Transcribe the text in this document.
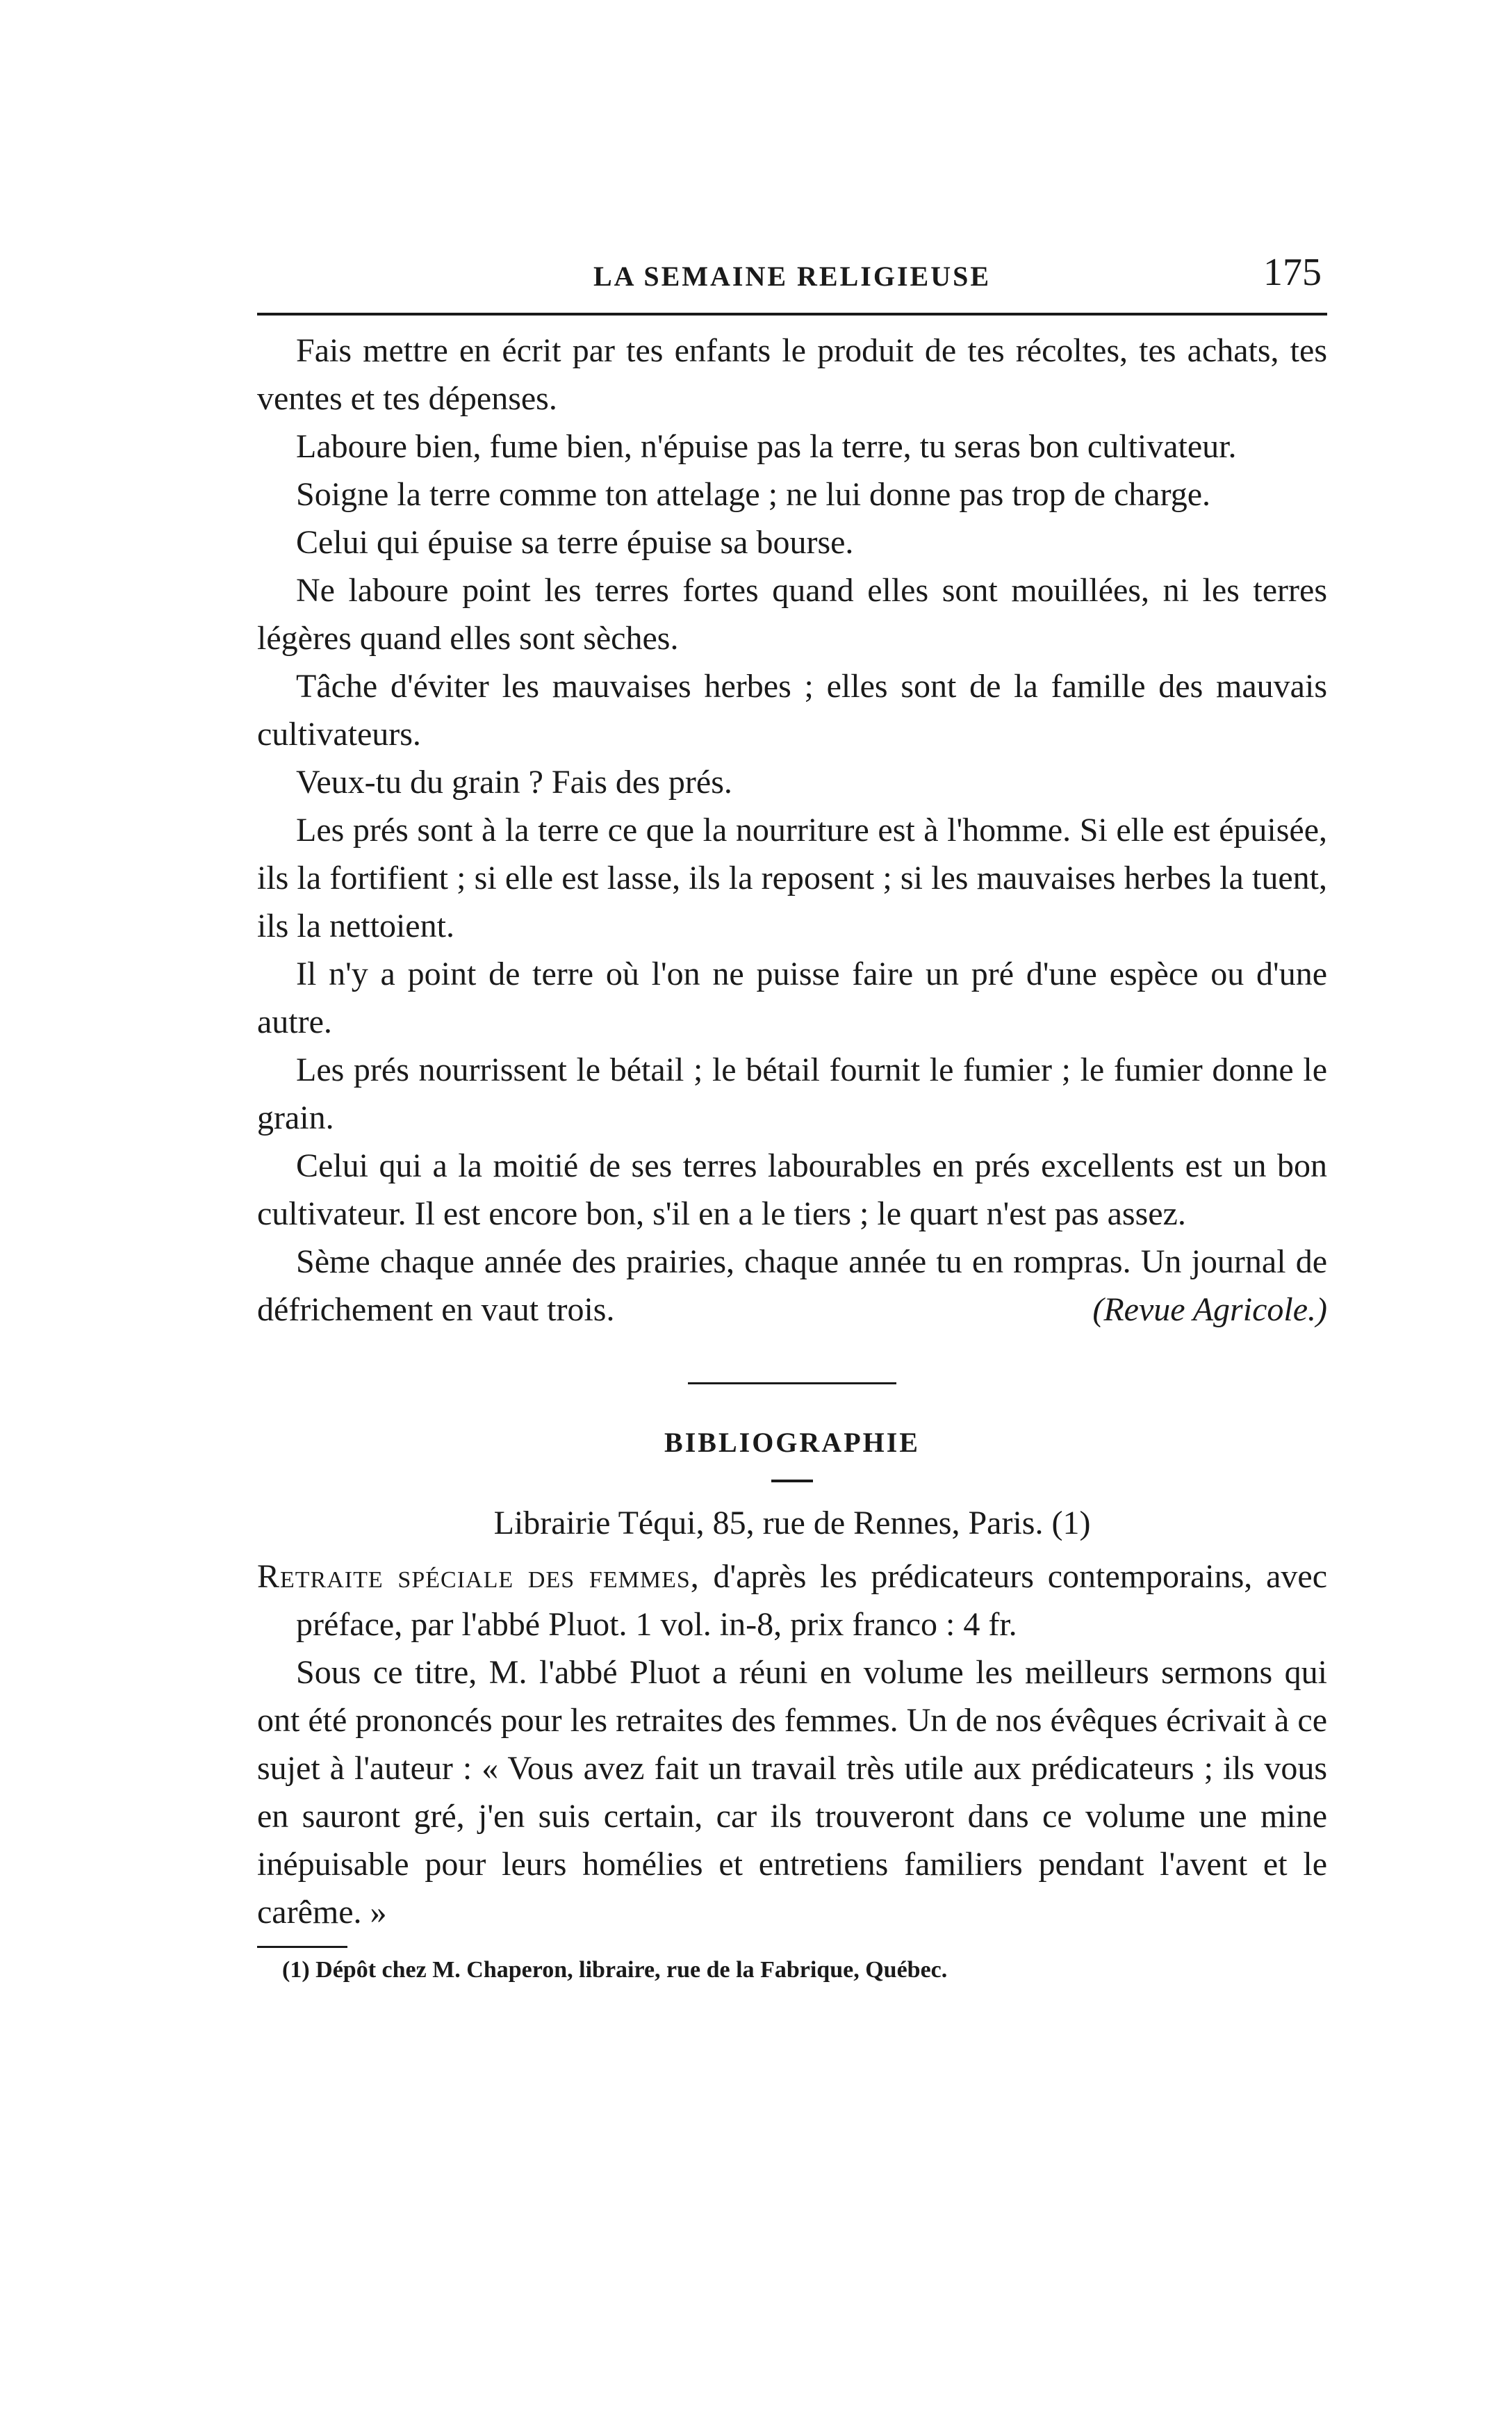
LA SEMAINE RELIGIEUSE	175

Fais mettre en écrit par tes enfants le produit de tes récoltes, tes achats, tes ventes et tes dépenses.

Laboure bien, fume bien, n'épuise pas la terre, tu seras bon cultivateur.

Soigne la terre comme ton attelage ; ne lui donne pas trop de charge.

Celui qui épuise sa terre épuise sa bourse.

Ne laboure point les terres fortes quand elles sont mouillées, ni les terres légères quand elles sont sèches.

Tâche d'éviter les mauvaises herbes ; elles sont de la famille des mauvais cultivateurs.

Veux-tu du grain ? Fais des prés.

Les prés sont à la terre ce que la nourriture est à l'homme. Si elle est épuisée, ils la fortifient ; si elle est lasse, ils la reposent ; si les mauvaises herbes la tuent, ils la nettoient.

Il n'y a point de terre où l'on ne puisse faire un pré d'une espèce ou d'une autre.

Les prés nourrissent le bétail ; le bétail fournit le fumier ; le fumier donne le grain.

Celui qui a la moitié de ses terres labourables en prés excellents est un bon cultivateur. Il est encore bon, s'il en a le tiers ; le quart n'est pas assez.

Sème chaque année des prairies, chaque année tu en rompras. Un journal de défrichement en vaut trois.	(Revue Agricole.)

BIBLIOGRAPHIE
Librairie Téqui, 85, rue de Rennes, Paris. (1)

Retraite spéciale des femmes, d'après les prédicateurs contemporains, avec préface, par l'abbé Pluot. 1 vol. in-8, prix franco : 4 fr.

Sous ce titre, M. l'abbé Pluot a réuni en volume les meilleurs sermons qui ont été prononcés pour les retraites des femmes. Un de nos évêques écrivait à ce sujet à l'auteur : « Vous avez fait un travail très utile aux prédicateurs ; ils vous en sauront gré, j'en suis certain, car ils trouveront dans ce volume une mine inépuisable pour leurs homélies et entretiens familiers pendant l'avent et le carême. »

(1) Dépôt chez M. Chaperon, libraire, rue de la Fabrique, Québec.
